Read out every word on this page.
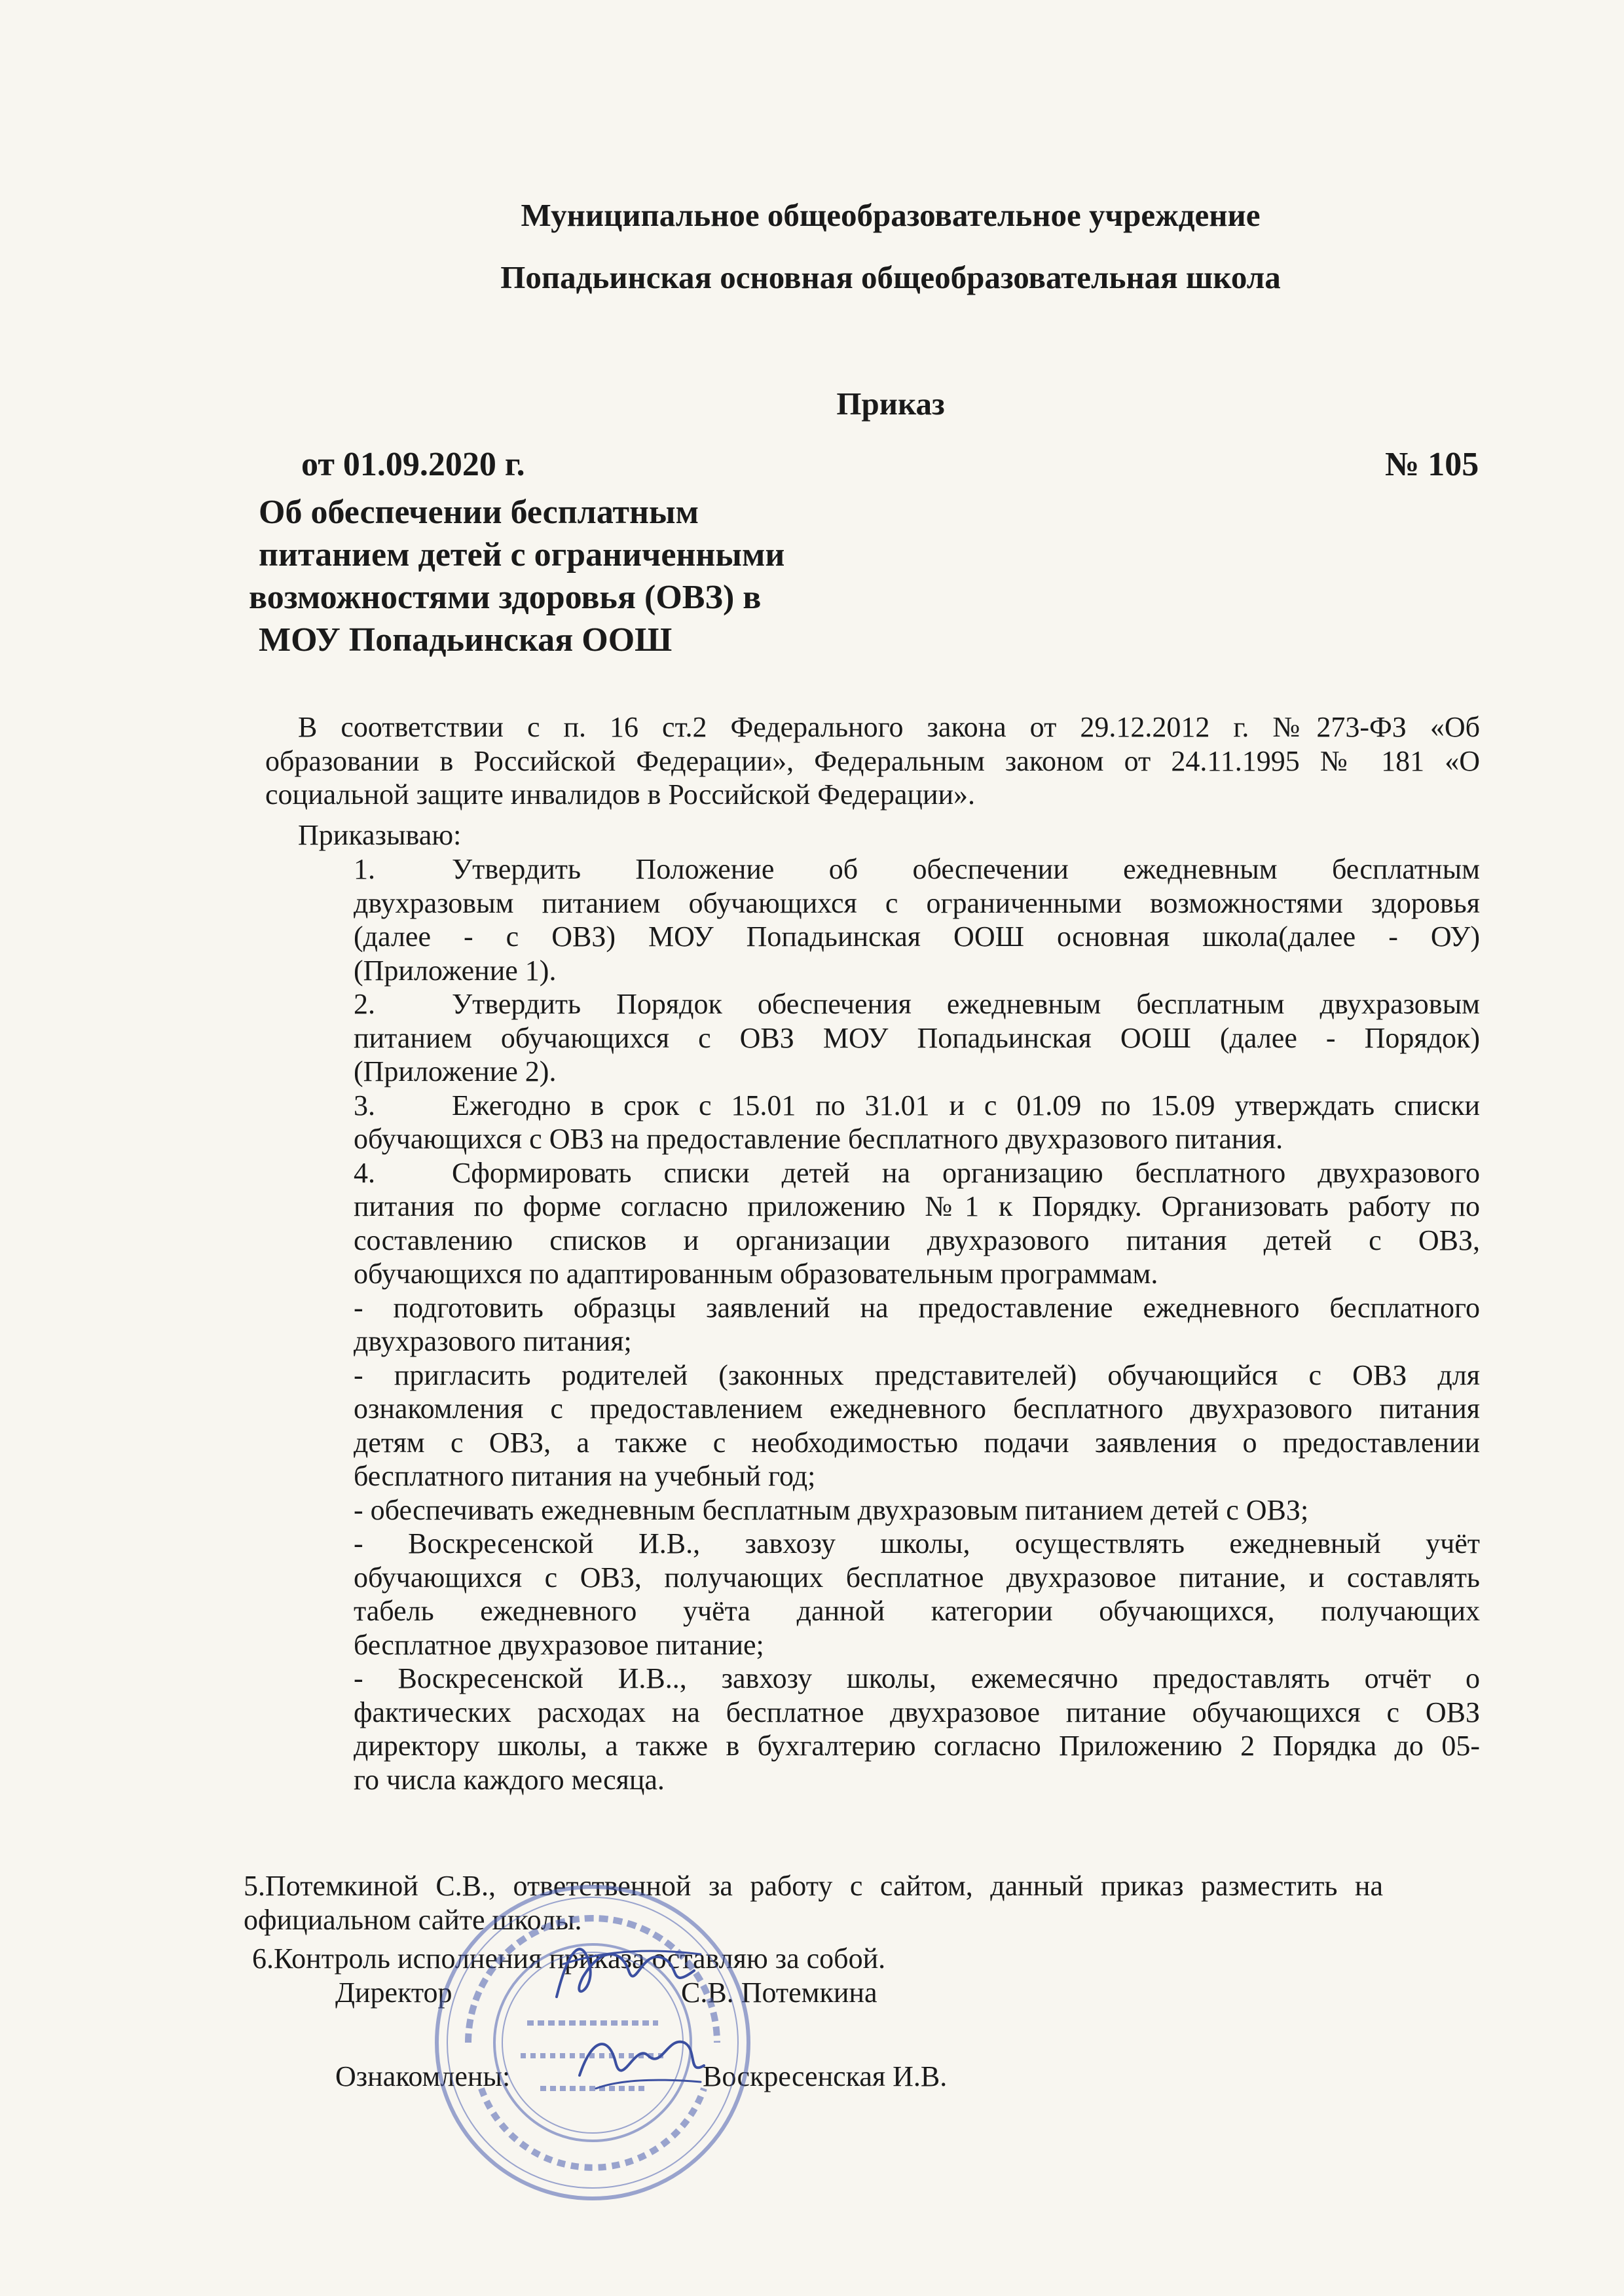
Муниципальное общеобразовательное учреждение
Попадьинская основная общеобразовательная школа
Приказ
от 01.09.2020 г.	№ 105
Об обеспечении бесплатным
питанием детей с ограниченными
возможностями здоровья (ОВЗ) в
МОУ Попадьинская ООШ
В соответствии с п. 16 ст.2 Федерального закона от 29.12.2012 г. №273-ФЗ «Об
образовании в Российской Федерации», Федеральным законом от 24.11.1995 № 181 «О
социальной защите инвалидов в Российской Федерации».
Приказываю:
1.	Утвердить Положение об обеспечении ежедневным бесплатным
двухразовым питанием обучающихся с ограниченными возможностями здоровья
(далее - с ОВЗ) МОУ Попадьинская ООШ основная школа(далее - ОУ)
(Приложение 1).
2.	Утвердить Порядок обеспечения ежедневным бесплатным двухразовым
питанием обучающихся с ОВЗ МОУ Попадьинская ООШ (далее - Порядок)
(Приложение 2).
3.	Ежегодно в срок с 15.01 по 31.01 и с 01.09 по 15.09 утверждать списки
обучающихся с ОВЗ на предоставление бесплатного двухразового питания.
4.	Сформировать списки детей на организацию бесплатного двухразового
питания по форме согласно приложению №1 к Порядку. Организовать работу по
составлению списков и организации двухразового питания детей с ОВЗ,
обучающихся по адаптированным образовательным программам.
- подготовить образцы заявлений на предоставление ежедневного бесплатного
двухразового питания;
- пригласить родителей (законных представителей) обучающийся с ОВЗ для
ознакомления с предоставлением ежедневного бесплатного двухразового питания
детям с ОВЗ, а также с необходимостью подачи заявления о предоставлении
бесплатного питания на учебный год;
- обеспечивать ежедневным бесплатным двухразовым питанием детей с ОВЗ;
- Воскресенской И.В., завхозу школы, осуществлять ежедневный учёт
обучающихся с ОВЗ, получающих бесплатное двухразовое питание, и составлять
табель ежедневного учёта данной категории обучающихся, получающих
бесплатное двухразовое питание;
- Воскресенской И.В.., завхозу школы, ежемесячно предоставлять отчёт о
фактических расходах на бесплатное двухразовое питание обучающихся с ОВЗ
директору школы, а также в бухгалтерию согласно Приложению 2 Порядка до 05-
го числа каждого месяца.
5.Потемкиной С.В., ответственной за работу с сайтом, данный приказ разместить на
официальном сайте школы.
6.Контроль исполнения приказа оставляю за собой.
Директор	С.В. Потемкина
Ознакомлены:	Воскресенская И.В.
